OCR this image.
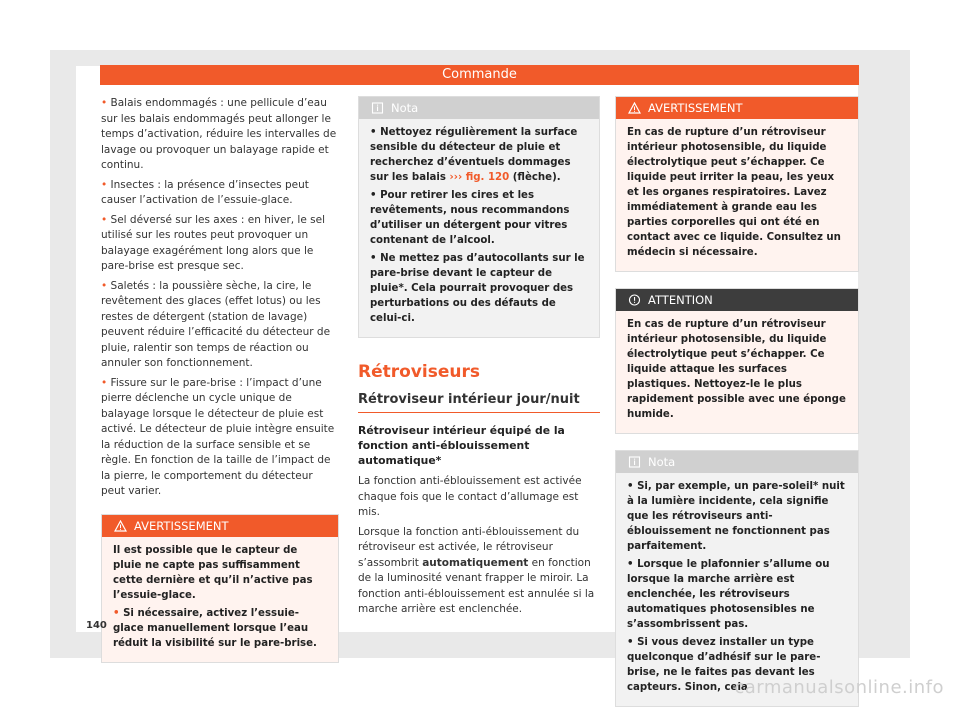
Commande

• Balais endommagés : une pellicule d’eau sur les balais endommagés peut allonger le temps d’activation, réduire les intervalles de lavage ou provoquer un balayage rapide et continu.

• Insectes : la présence d’insectes peut causer l’activation de l’essuie-glace.

• Sel déversé sur les axes : en hiver, le sel utilisé sur les routes peut provoquer un balayage exagérément long alors que le pare-brise est presque sec.

• Saletés : la poussière sèche, la cire, le revêtement des glaces (effet lotus) ou les restes de détergent (station de lavage) peuvent réduire l’efficacité du détecteur de pluie, ralentir son temps de réaction ou annuler son fonctionnement.

• Fissure sur le pare-brise : l’impact d’une pierre déclenche un cycle unique de balayage lorsque le détecteur de pluie est activé. Le détecteur de pluie intègre ensuite la réduction de la surface sensible et se règle. En fonction de la taille de l’impact de la pierre, le comportement du détecteur peut varier.

AVERTISSEMENT
Il est possible que le capteur de pluie ne capte pas suffisamment cette dernière et qu’il n’active pas l’essuie-glace.
• Si nécessaire, activez l’essuie-glace manuellement lorsque l’eau réduit la visibilité sur le pare-brise.
Nota
• Nettoyez régulièrement la surface sensible du détecteur de pluie et recherchez d’éventuels dommages sur les balais ››› fig. 120 (flèche).
• Pour retirer les cires et les revêtements, nous recommandons d’utiliser un détergent pour vitres contenant de l’alcool.
• Ne mettez pas d’autocollants sur le pare-brise devant le capteur de pluie*. Cela pourrait provoquer des perturbations ou des défauts de celui-ci.
Rétroviseurs
Rétroviseur intérieur jour/nuit
Rétroviseur intérieur équipé de la fonction anti-éblouissement automatique*

La fonction anti-éblouissement est activée chaque fois que le contact d’allumage est mis.

Lorsque la fonction anti-éblouissement du rétroviseur est activée, le rétroviseur s’assombrit automatiquement en fonction de la luminosité venant frapper le miroir. La fonction anti-éblouissement est annulée si la marche arrière est enclenchée.

AVERTISSEMENT
En cas de rupture d’un rétroviseur intérieur photosensible, du liquide électrolytique peut s’échapper. Ce liquide peut irriter la peau, les yeux et les organes respiratoires. Lavez immédiatement à grande eau les parties corporelles qui ont été en contact avec ce liquide. Consultez un médecin si nécessaire.
ATTENTION
En cas de rupture d’un rétroviseur intérieur photosensible, du liquide électrolytique peut s’échapper. Ce liquide attaque les surfaces plastiques. Nettoyez-le le plus rapidement possible avec une éponge humide.
Nota
• Si, par exemple, un pare-soleil* nuit à la lumière incidente, cela signifie que les rétroviseurs anti-éblouissement ne fonctionnent pas parfaitement.
• Lorsque le plafonnier s’allume ou lorsque la marche arrière est enclenchée, les rétroviseurs automatiques photosensibles ne s’assombrissent pas.
• Si vous devez installer un type quelconque d’adhésif sur le pare-brise, ne le faites pas devant les capteurs. Sinon, cela
140
carmanualsonline.info
